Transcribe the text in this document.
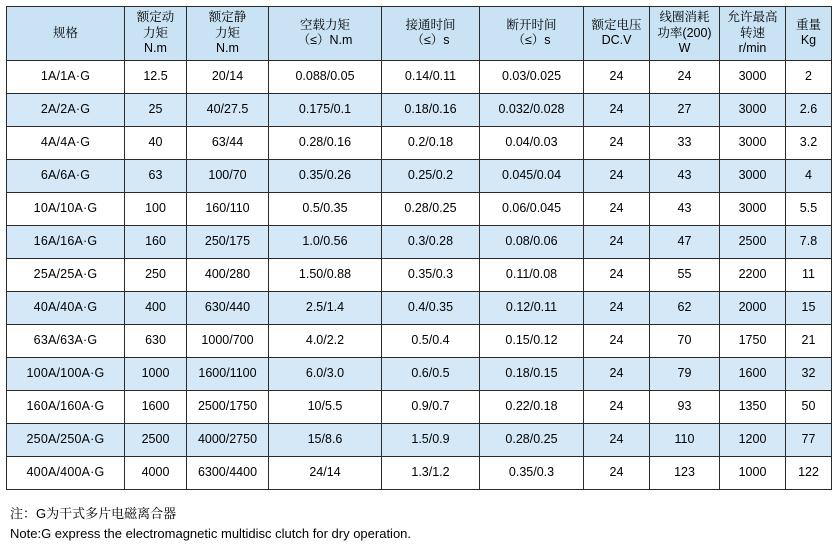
规格	额定动
力矩
N.m	额定静
力矩
N.m	空载力矩
（≤）N.m	接通时间
（≤）s	断开时间
（≤）s	额定电压
DC.V	线圈消耗
功率(200)
W	允许最高
转速
r/min	重量
Kg

1A/1A·G	12.5	20/14	0.088/0.05	0.14/0.11	0.03/0.025	24	24	3000	2
2A/2A·G	25	40/27.5	0.175/0.1	0.18/0.16	0.032/0.028	24	27	3000	2.6
4A/4A·G	40	63/44	0.28/0.16	0.2/0.18	0.04/0.03	24	33	3000	3.2
6A/6A·G	63	100/70	0.35/0.26	0.25/0.2	0.045/0.04	24	43	3000	4
10A/10A·G	100	160/110	0.5/0.35	0.28/0.25	0.06/0.045	24	43	3000	5.5
16A/16A·G	160	250/175	1.0/0.56	0.3/0.28	0.08/0.06	24	47	2500	7.8
25A/25A·G	250	400/280	1.50/0.88	0.35/0.3	0.11/0.08	24	55	2200	11
40A/40A·G	400	630/440	2.5/1.4	0.4/0.35	0.12/0.11	24	62	2000	15
63A/63A·G	630	1000/700	4.0/2.2	0.5/0.4	0.15/0.12	24	70	1750	21
100A/100A·G	1000	1600/1100	6.0/3.0	0.6/0.5	0.18/0.15	24	79	1600	32
160A/160A·G	1600	2500/1750	10/5.5	0.9/0.7	0.22/0.18	24	93	1350	50
250A/250A·G	2500	4000/2750	15/8.6	1.5/0.9	0.28/0.25	24	110	1200	77
400A/400A·G	4000	6300/4400	24/14	1.3/1.2	0.35/0.3	24	123	1000	122
注：G为干式多片电磁离合器
Note:G express the electromagnetic multidisc clutch for dry operation.
